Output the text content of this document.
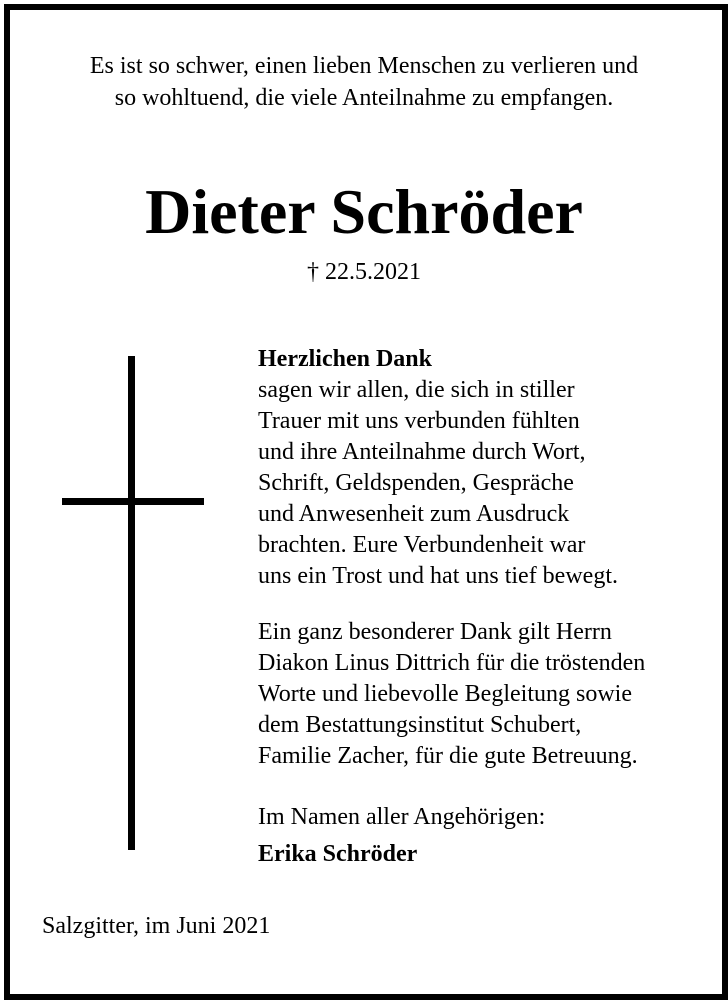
Es ist so schwer, einen lieben Menschen zu verlieren und
so wohltuend, die viele Anteilnahme zu empfangen.
Dieter Schröder
† 22.5.2021
Herzlichen Dank
sagen wir allen, die sich in stiller
Trauer mit uns verbunden fühlten
und ihre Anteilnahme durch Wort,
Schrift, Geldspenden, Gespräche
und Anwesenheit zum Ausdruck
brachten. Eure Verbundenheit war
uns ein Trost und hat uns tief bewegt.
Ein ganz besonderer Dank gilt Herrn
Diakon Linus Dittrich für die tröstenden
Worte und liebevolle Begleitung sowie
dem Bestattungsinstitut Schubert,
Familie Zacher, für die gute Betreuung.
Im Namen aller Angehörigen:
Erika Schröder
Salzgitter, im Juni 2021
